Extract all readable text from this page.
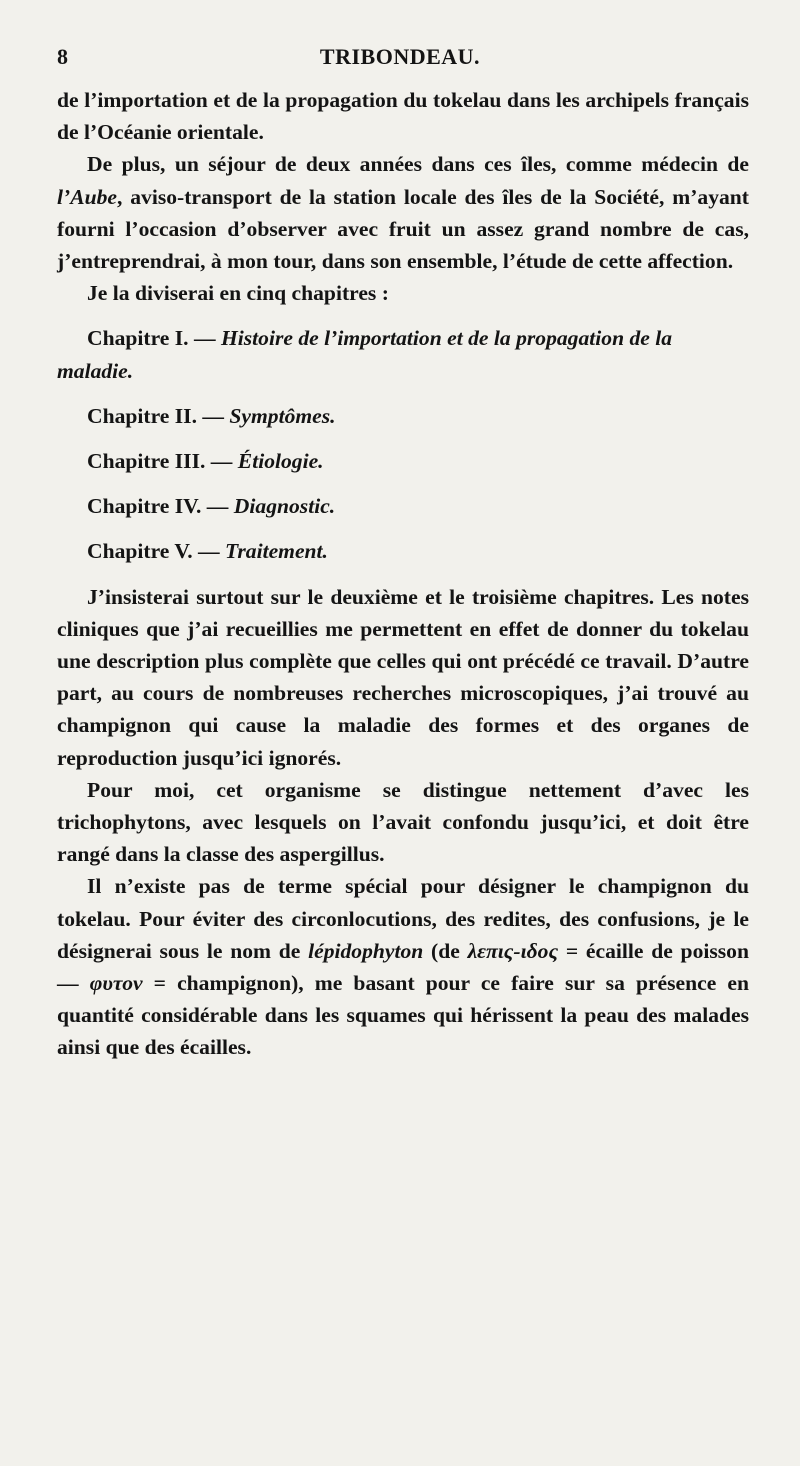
8	TRIBONDEAU.

de l’importation et de la propagation du tokelau dans les archipels français de l’Océanie orientale.

De plus, un séjour de deux années dans ces îles, comme médecin de l’Aube, aviso-transport de la station locale des îles de la Société, m’ayant fourni l’occasion d’observer avec fruit un assez grand nombre de cas, j’entreprendrai, à mon tour, dans son ensemble, l’étude de cette affection.

Je la diviserai en cinq chapitres :

Chapitre I. — Histoire de l’importation et de la propagation de la maladie.
Chapitre II. — Symptômes.
Chapitre III. — Étiologie.
Chapitre IV. — Diagnostic.
Chapitre V. — Traitement.

J’insisterai surtout sur le deuxième et le troisième chapitres. Les notes cliniques que j’ai recueillies me permettent en effet de donner du tokelau une description plus complète que celles qui ont précédé ce travail. D’autre part, au cours de nombreuses recherches microscopiques, j’ai trouvé au champignon qui cause la maladie des formes et des organes de reproduction jusqu’ici ignorés.

Pour moi, cet organisme se distingue nettement d’avec les trichophytons, avec lesquels on l’avait confondu jusqu’ici, et doit être rangé dans la classe des aspergillus.

Il n’existe pas de terme spécial pour désigner le champignon du tokelau. Pour éviter des circonlocutions, des redites, des confusions, je le désignerai sous le nom de lépidophyton (de λεπις-ιδος = écaille de poisson — φυτον = champignon), me basant pour ce faire sur sa présence en quantité considérable dans les squames qui hérissent la peau des malades ainsi que des écailles.
